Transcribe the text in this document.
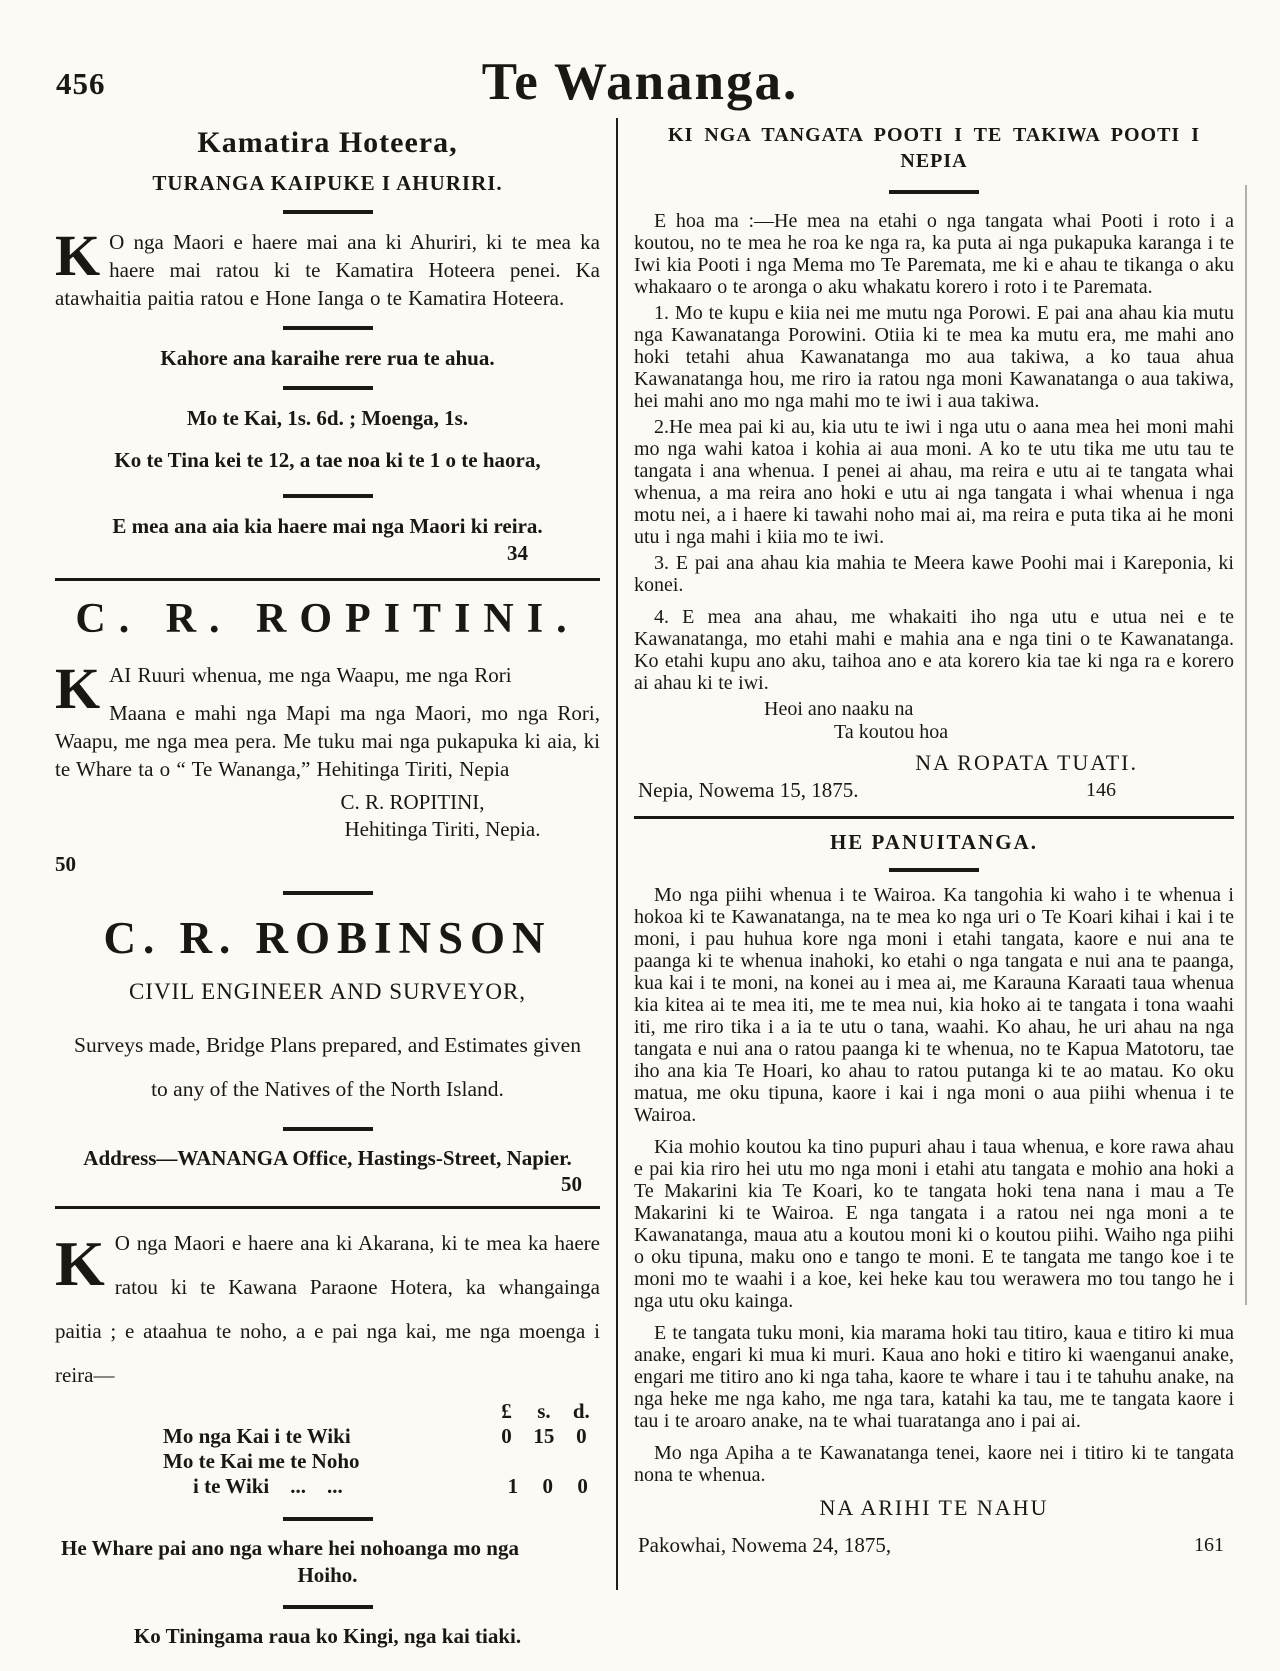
456	Te Wananga.
Kamatira Hoteera,
TURANGA KAIPUKE I AHURIRI.

K O nga Maori e haere mai ana ki Ahuriri, ki te mea ka haere mai ratou ki te Kamatira Hoteera penei. Ka atawhaitia paitia ratou e Hone Ianga o te Kamatira Hoteera.

Kahore ana karaihe rere rua te ahua.

Mo te Kai, 1s. 6d. ; Moenga, 1s.

Ko te Tina kei te 12, a tae noa ki te 1 o te haora,

E mea ana aia kia haere mai nga Maori ki reira.

34
C. R. ROPITINI.

K AI Ruuri whenua, me nga Waapu, me nga Rori
Maana e mahi nga Mapi ma nga Maori, mo nga Rori, Waapu, me nga mea pera. Me tuku mai nga pukapuka ki aia, ki te Whare ta o “ Te Wananga,” Hehitinga Tiriti, Nepia

C. R. ROPITINI,
Hehitinga Tiriti, Nepia.
50
C. R. ROBINSON
CIVIL ENGINEER AND SURVEYOR,
Surveys made, Bridge Plans prepared, and Estimates given
to any of the Natives of the North Island.
Address—WANANGA Office, Hastings-Street, Napier.
50

K O nga Maori e haere ana ki Akarana, ki te mea ka haere ratou ki te Kawana Paraone Hotera, ka whangainga paitia ; e ataahua te noho, a e pai nga kai, me nga moenga i reira—

£	s.	d.
Mo nga Kai i te Wiki	0	15	0
Mo te Kai me te Noho
i te Wiki  ...  ...	1	0	0

He Whare pai ano nga whare hei nohoanga mo nga

Hoiho.

Ko Tiningama raua ko Kingi, nga kai tiaki.

KI NGA TANGATA POOTI I TE TAKIWA POOTI I
NEPIA

E hoa ma :—He mea na etahi o nga tangata whai Pooti i roto i a koutou, no te mea he roa ke nga ra, ka puta ai nga pukapuka karanga i te Iwi kia Pooti i nga Mema mo Te Paremata, me ki e ahau te tikanga o aku whakaaro o te aronga o aku whakatu korero i roto i te Paremata.

1. Mo te kupu e kiia nei me mutu nga Porowi. E pai ana ahau kia mutu nga Kawanatanga Porowini. Otiia ki te mea ka mutu era, me mahi ano hoki tetahi ahua Kawanatanga mo aua takiwa, a ko taua ahua Kawanatanga hou, me riro ia ratou nga moni Kawanatanga o aua takiwa, hei mahi ano mo nga mahi mo te iwi i aua takiwa.

2.He mea pai ki au, kia utu te iwi i nga utu o aana mea hei moni mahi mo nga wahi katoa i kohia ai aua moni. A ko te utu tika me utu tau te tangata i ana whenua. I penei ai ahau, ma reira e utu ai te tangata whai whenua, a ma reira ano hoki e utu ai nga tangata i whai whenua i nga motu nei, a i haere ki tawahi noho mai ai, ma reira e puta tika ai he moni utu i nga mahi i kiia mo te iwi.

3. E pai ana ahau kia mahia te Meera kawe Poohi mai i Kareponia, ki konei.

4. E mea ana ahau, me whakaiti iho nga utu e utua nei e te Kawanatanga, mo etahi mahi e mahia ana e nga tini o te Kawanatanga. Ko etahi kupu ano aku, taihoa ano e ata korero kia tae ki nga ra e korero ai ahau ki te iwi.

Heoi ano naaku na
Ta koutou hoa
NA ROPATA TUATI.
Nepia, Nowema 15, 1875.	146
HE PANUITANGA.

Mo nga piihi whenua i te Wairoa. Ka tangohia ki waho i te whenua i hokoa ki te Kawanatanga, na te mea ko nga uri o Te Koari kihai i kai i te moni, i pau huhua kore nga moni i etahi tangata, kaore e nui ana te paanga ki te whenua inahoki, ko etahi o nga tangata e nui ana te paanga, kua kai i te moni, na konei au i mea ai, me Karauna Karaati taua whenua kia kitea ai te mea iti, me te mea nui, kia hoko ai te tangata i tona waahi iti, me riro tika i a ia te utu o tana, waahi. Ko ahau, he uri ahau na nga tangata e nui ana o ratou paanga ki te whenua, no te Kapua Matotoru, tae iho ana kia Te Hoari, ko ahau to ratou putanga ki te ao matau. Ko oku matua, me oku tipuna, kaore i kai i nga moni o aua piihi whenua i te Wairoa.

Kia mohio koutou ka tino pupuri ahau i taua whenua, e kore rawa ahau e pai kia riro hei utu mo nga moni i etahi atu tangata e mohio ana hoki a Te Makarini kia Te Koari, ko te tangata hoki tena nana i mau a Te Makarini ki te Wairoa. E nga tangata i a ratou nei nga moni a te Kawanatanga, maua atu a koutou moni ki o koutou piihi. Waiho nga piihi o oku tipuna, maku ono e tango te moni. E te tangata me tango koe i te moni mo te waahi i a koe, kei heke kau tou werawera mo tou tango he i nga utu oku kainga.

E te tangata tuku moni, kia marama hoki tau titiro, kaua e titiro ki mua anake, engari ki mua ki muri. Kaua ano hoki e titiro ki waenganui anake, engari me titiro ano ki nga taha, kaore te whare i tau i te tahuhu anake, na nga heke me nga kaho, me nga tara, katahi ka tau, me te tangata kaore i tau i te aroaro anake, na te whai tuaratanga ano i pai ai.

Mo nga Apiha a te Kawanatanga tenei, kaore nei i titiro ki te tangata nona te whenua.

NA ARIHI TE NAHU
Pakowhai, Nowema 24, 1875,	161
